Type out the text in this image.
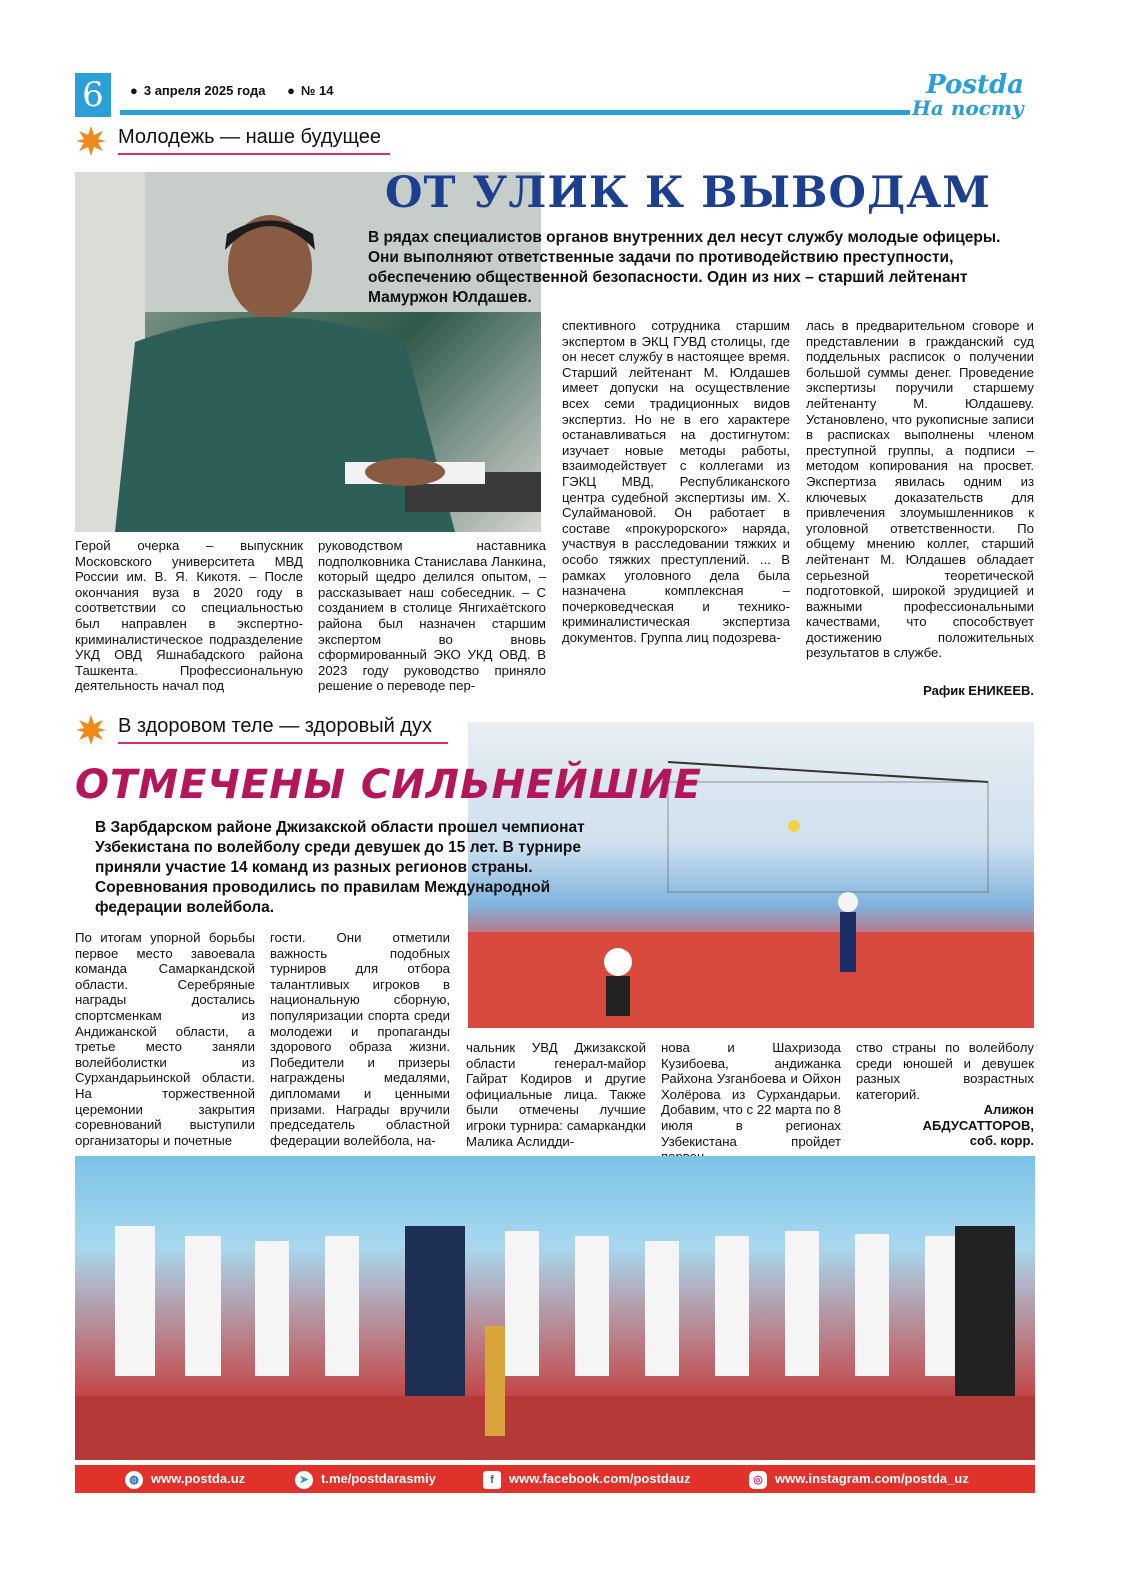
6	● 3 апреля 2025 года ● № 14	Postda
На посту
Молодежь — наше будущее
ОТ УЛИК К ВЫВОДАМ
В рядах специалистов органов внутренних дел несут службу молодые офицеры. Они выполняют ответственные задачи по противодействию преступности, обеспечению общественной безопасности. Один из них – старший лейтенант Мамуржон Юлдашев.
Герой очерка – выпускник Московского университета МВД России им. В. Я. Кикотя. – После окончания вуза в 2020 году в соответствии со специальностью был направлен в экспертно-криминалистическое подразделение УКД ОВД Яшнабадского района Ташкента. Профессиональную деятельность начал под
руководством наставника подполковника Станислава Ланкина, который щедро делился опытом, – рассказывает наш собеседник. – С созданием в столице Янгихаётского района был назначен старшим экспертом во вновь сформированный ЭКО УКД ОВД. В 2023 году руководство приняло решение о переводе пер-
спективного сотрудника старшим экспертом в ЭКЦ ГУВД столицы, где он несет службу в настоящее время. Старший лейтенант М. Юлдашев имеет допуски на осуществление всех семи традиционных видов экспертиз. Но не в его характере останавливаться на достигнутом: изучает новые методы работы, взаимодействует с коллегами из ГЭКЦ МВД, Республиканского центра судебной экспертизы им. Х. Сулаймановой. Он работает в составе «прокурорского» наряда, участвуя в расследовании тяжких и особо тяжких преступлений. ... В рамках уголовного дела была назначена комплексная – почерковедческая и технико-криминалистическая экспертиза документов. Группа лиц подозрева-
лась в предварительном сговоре и представлении в гражданский суд поддельных расписок о получении большой суммы денег. Проведение экспертизы поручили старшему лейтенанту М. Юлдашеву. Установлено, что рукописные записи в расписках выполнены членом преступной группы, а подписи – методом копирования на просвет. Экспертиза явилась одним из ключевых доказательств для привлечения злоумышленников к уголовной ответственности. По общему мнению коллег, старший лейтенант М. Юлдашев обладает серьезной теоретической подготовкой, широкой эрудицией и важными профессиональными качествами, что способствует достижению положительных результатов в службе.
Рафик ЕНИКЕЕВ.
В здоровом теле — здоровый дух
ОТМЕЧЕНЫ СИЛЬНЕЙШИЕ
В Зарбдарском районе Джизакской области прошел чемпионат Узбекистана по волейболу среди девушек до 15 лет. В турнире приняли участие 14 команд из разных регионов страны. Соревнования проводились по правилам Международной федерации волейбола.
По итогам упорной борьбы первое место завоевала команда Самаркандской области. Серебряные награды достались спортсменкам из Андижанской области, а третье место заняли волейболистки из Сурхандарьинской области. На торжественной церемонии закрытия соревнований выступили организаторы и почетные
гости. Они отметили важность подобных турниров для отбора талантливых игроков в национальную сборную, популяризации спорта среди молодежи и пропаганды здорового образа жизни. Победители и призеры награждены медалями, дипломами и ценными призами. Награды вручили председатель областной федерации волейбола, на-
чальник УВД Джизакской области генерал-майор Гайрат Кодиров и другие официальные лица. Также были отмечены лучшие игроки турнира: самаркандки Малика Аслидди-
нова и Шахризода Кузибоева, андижанка Райхона Узганбоева и Ойхон Холёрова из Сурхандарьи. Добавим, что с 22 марта по 8 июля в регионах Узбекистана пройдет
ство страны по волейболу среди юношей и девушек разных возрастных категорий.
Алижон
АБДУСАТТОРОВ,
соб. корр.
◍ www.postda.uz	➤ t.me/postdarasmiy	f www.facebook.com/postdauz	◎ www.instagram.com/postda_uz
